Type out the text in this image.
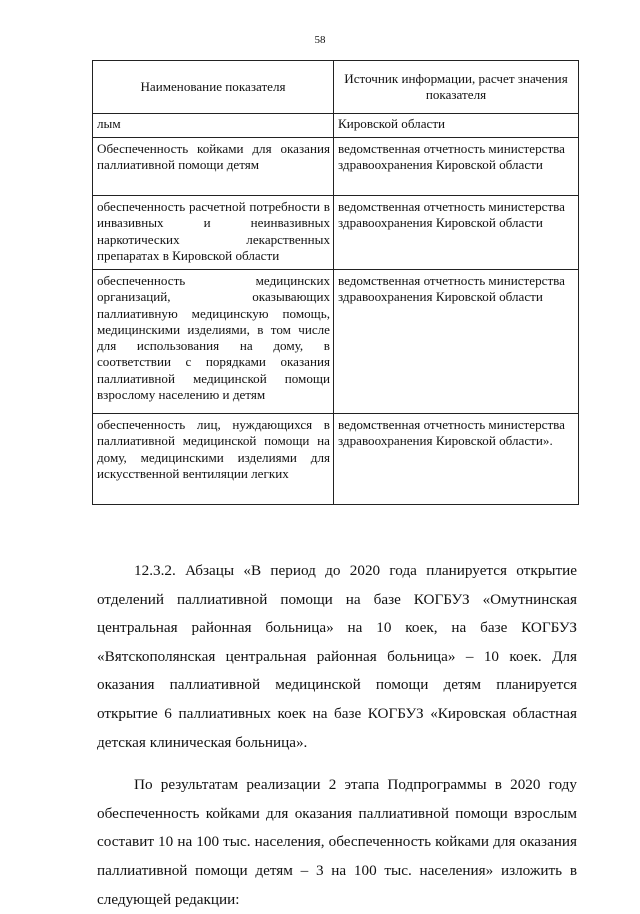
58
Наименование показателя	Источник информации, расчет значения показателя
лым	Кировской области
Обеспеченность койками для оказания паллиативной помощи детям	ведомственная отчетность министерства здравоохранения Кировской области
обеспеченность расчетной потребности в инвазивных и неинвазивных наркотических лекарственных препаратах в Кировской области	ведомственная отчетность министерства здравоохранения Кировской области
обеспеченность медицинских организаций, оказывающих паллиативную медицинскую помощь, медицинскими изделиями, в том числе для использования на дому, в соответствии с порядками оказания паллиативной медицинской помощи взрослому населению и детям	ведомственная отчетность министерства здравоохранения Кировской области
обеспеченность лиц, нуждающихся в паллиативной медицинской помощи на дому, медицинскими изделиями для искусственной вентиляции легких	ведомственная отчетность министерства здравоохранения Кировской области».

12.3.2. Абзацы «В период до 2020 года планируется открытие отделений паллиативной помощи на базе КОГБУЗ «Омутнинская центральная районная больница» на 10 коек, на базе КОГБУЗ «Вятскополянская центральная районная больница» – 10 коек. Для оказания паллиативной медицинской помощи детям планируется открытие 6 паллиативных коек на базе КОГБУЗ «Кировская областная детская клиническая больница».

По результатам реализации 2 этапа Подпрограммы в 2020 году обеспеченность койками для оказания паллиативной помощи взрослым составит 10 на 100 тыс. населения, обеспеченность койками для оказания паллиативной помощи детям – 3 на 100 тыс. населения» изложить в следующей редакции:
